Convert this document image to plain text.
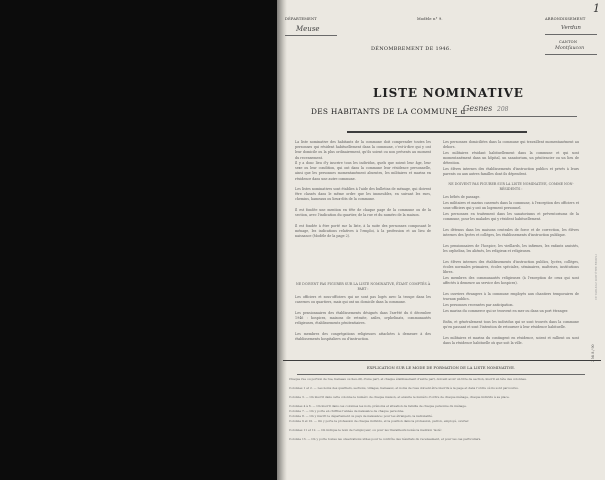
DÉPARTEMENT	Modèle n° 9.	ARRONDISSEMENT
Meuse	Verdun
CANTON
Montfaucon
1
DÉNOMBREMENT DE 1946.
LISTE NOMINATIVE
DES HABITANTS DE LA COMMUNE d
Gesnes 208

La liste nominative des habitants de la commune doit comprendre toutes les personnes qui résident habituellement dans la commune, c'est-à-dire qui y ont leur domicile ou la plus ordinairement, qu'ils soient ou non présents au moment du recensement.

Il y a donc lieu d'y inscrire tous les individus, quels que soient leur âge, leur sexe ou leur condition, qui ont dans la commune leur résidence personnelle, ainsi que les personnes momentanément absentes, les militaires et marins en résidence dans une autre commune.

Les listes nominatives sont établies à l'aide des bulletins de ménage, qui doivent être classés dans le même ordre que les immeubles, en suivant les rues, chemins, hameaux ou lieux-dits de la commune.

Il est fondée une mention en tête de chaque page de la commune ou de la section, avec l'indication du quartier, de la rue et du numéro de la maison.

Il est fondée à être porté sur la liste, à la suite des personnes composant le ménage, les indications relatives à l'emploi, à la profession et au lieu de naissance (Modèle de la page 2).

NE DOIVENT PAS FIGURER SUR LA LISTE NOMINATIVE, ÉTANT COMPTÉS À PART :

Les officiers et sous-officiers qui ne sont pas logés avec la troupe dans les casernes ou quartiers, mais qui ont un domicile dans la commune.

Les pensionnaires des établissements désignés dans l'arrêté du 6 décembre 1946 : hospices, maisons de retraite, asiles, orphelinats, communautés religieuses, établissements pénitentiaires.

Les membres des congrégations religieuses attachées à demeure à des établissements hospitaliers ou d'instruction.

Les personnes domiciliées dans la commune qui travaillent momentanément au dehors.

Les militaires résidant habituellement dans la commune et qui sont momentanément dans un hôpital, un sanatorium, un pénitencier ou un lieu de détention.

Les élèves internes des établissements d'instruction publics et privés à leurs parents ou aux autres familles dont ils dépendent.

NE DOIVENT PAS FIGURER SUR LA LISTE NOMINATIVE, COMME NON-RÉSIDENTS :

Les bébés de passage.

Les militaires et marins casernés dans la commune, à l'exception des officiers et sous-officiers qui y ont un logement personnel.

Les personnes en traitement dans les sanatoriums et préventoriums de la commune, pour les malades qui y résident habituellement.

Les détenus dans les maisons centrales de force et de correction, les élèves internes des lycées et collèges, les établissements d'instruction publique.

Les pensionnaires de l'hospice, les vieillards, les infirmes, les enfants assistés, les orphelins, les aliénés, les religieux et religieuses.

Les élèves internes des établissements d'instruction publics, lycées, collèges, écoles normales primaires, écoles spéciales, séminaires, maîtrises, institutions libres.

Les membres des communautés religieuses (à l'exception de ceux qui sont affectés à demeure au service des hospices).

Les ouvriers étrangers à la commune employés aux chantiers temporaires de travaux publics.

Les personnes recensées par anticipation.

Les marins du commerce qui se trouvent en mer ou dans un port étranger.

Enfin, et généralement tous les individus qui se sont trouvés dans la commune qu'en passant et sont l'intention de retourner à leur résidence habituelle.

Les militaires et marins du contingent en résidence, soient et rallient ou sont dans la résidence habituelle où que soit la ville.

EXPLICATION SUR LE MODE DE FORMATION DE LA LISTE NOMINATIVE.

Chaque rue ou portion de rue, hameau ou lieu-dit, d'une part, et chaque établissement d'autre part, doivent avoir un titre de section, inscrit en tête des colonnes.

Colonnes 1 et 2. — Les noms des quartiers, sections, villages, hameaux, et noms de rues doivent être inscrits à la page et dans l'ordre où ils sont parcourus.

Colonne 3. — On inscrit dans cette colonne le numéro de chaque maison, et ensuite le numéro d'ordre de chaque ménage, chaque individu à sa place.

Colonnes 4 à 6. — On inscrit dans ces colonnes les nom, prénoms et situation de famille de chaque personne du ménage.

Colonne 7. — On y porte en chiffres l'année de naissance de chaque personne.

Colonne 8. — On y inscrit le département ou pays de naissance; pour les étrangers, la nationalité.

Colonne 9 et 10. — On y porte la profession de chaque individu, et la position dans la profession, patron, employé, ouvrier.

Colonnes 11 et 12. — On indique le nom de l'employeur, ou pour les travailleurs isolés la mention 'isolé'.

Colonne 13. — On y porte toutes les observations utiles pour le contrôle des résultats du recensement, et pour les cas particuliers.

CE TABLEAU DOIT ÊTRE REMPLI
2 Mi 8 / 90
